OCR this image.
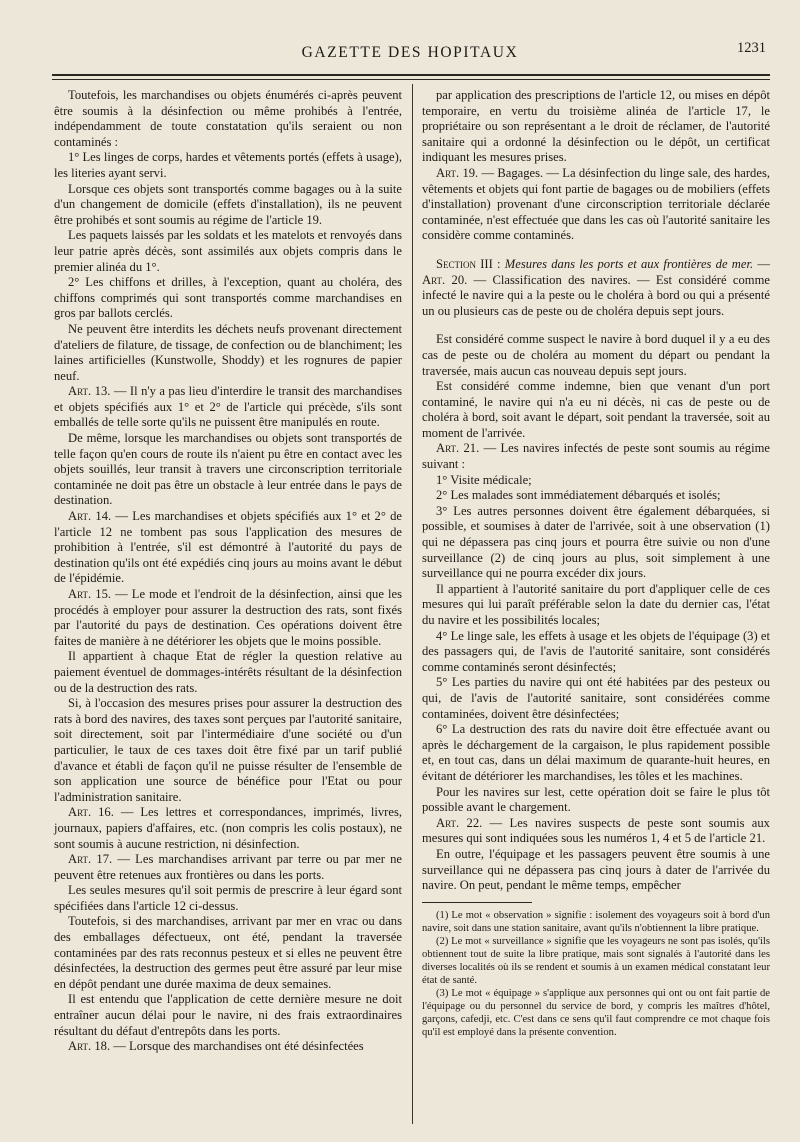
GAZETTE DES HOPITAUX	1231

Toutefois, les marchandises ou objets énumérés ci-après peuvent être soumis à la désinfection ou même prohibés à l'entrée, indépendamment de toute constatation qu'ils seraient ou non contaminés :

1° Les linges de corps, hardes et vêtements portés (effets à usage), les literies ayant servi.

Lorsque ces objets sont transportés comme bagages ou à la suite d'un changement de domicile (effets d'installation), ils ne peuvent être prohibés et sont soumis au régime de l'article 19.

Les paquets laissés par les soldats et les matelots et renvoyés dans leur patrie après décès, sont assimilés aux objets compris dans le premier alinéa du 1°.

2° Les chiffons et drilles, à l'exception, quant au choléra, des chiffons comprimés qui sont transportés comme marchandises en gros par ballots cerclés.

Ne peuvent être interdits les déchets neufs provenant directement d'ateliers de filature, de tissage, de confection ou de blanchiment; les laines artificielles (Kunstwolle, Shoddy) et les rognures de papier neuf.

Art. 13. — Il n'y a pas lieu d'interdire le transit des marchandises et objets spécifiés aux 1° et 2° de l'article qui précède, s'ils sont emballés de telle sorte qu'ils ne puissent être manipulés en route.

De même, lorsque les marchandises ou objets sont transportés de telle façon qu'en cours de route ils n'aient pu être en contact avec les objets souillés, leur transit à travers une circonscription territoriale contaminée ne doit pas être un obstacle à leur entrée dans le pays de destination.

Art. 14. — Les marchandises et objets spécifiés aux 1° et 2° de l'article 12 ne tombent pas sous l'application des mesures de prohibition à l'entrée, s'il est démontré à l'autorité du pays de destination qu'ils ont été expédiés cinq jours au moins avant le début de l'épidémie.

Art. 15. — Le mode et l'endroit de la désinfection, ainsi que les procédés à employer pour assurer la destruction des rats, sont fixés par l'autorité du pays de destination. Ces opérations doivent être faites de manière à ne détériorer les objets que le moins possible.

Il appartient à chaque Etat de régler la question relative au paiement éventuel de dommages-intérêts résultant de la désinfection ou de la destruction des rats.

Si, à l'occasion des mesures prises pour assurer la destruction des rats à bord des navires, des taxes sont perçues par l'autorité sanitaire, soit directement, soit par l'intermédiaire d'une société ou d'un particulier, le taux de ces taxes doit être fixé par un tarif publié d'avance et établi de façon qu'il ne puisse résulter de l'ensemble de son application une source de bénéfice pour l'Etat ou pour l'administration sanitaire.

Art. 16. — Les lettres et correspondances, imprimés, livres, journaux, papiers d'affaires, etc. (non compris les colis postaux), ne sont soumis à aucune restriction, ni désinfection.

Art. 17. — Les marchandises arrivant par terre ou par mer ne peuvent être retenues aux frontières ou dans les ports.

Les seules mesures qu'il soit permis de prescrire à leur égard sont spécifiées dans l'article 12 ci-dessus.

Toutefois, si des marchandises, arrivant par mer en vrac ou dans des emballages défectueux, ont été, pendant la traversée contaminées par des rats reconnus pesteux et si elles ne peuvent être désinfectées, la destruction des germes peut être assuré par leur mise en dépôt pendant une durée maxima de deux semaines.

Il est entendu que l'application de cette dernière mesure ne doit entraîner aucun délai pour le navire, ni des frais extraordinaires résultant du défaut d'entrepôts dans les ports.

Art. 18. — Lorsque des marchandises ont été désinfectées

par application des prescriptions de l'article 12, ou mises en dépôt temporaire, en vertu du troisième alinéa de l'article 17, le propriétaire ou son représentant a le droit de réclamer, de l'autorité sanitaire qui a ordonné la désinfection ou le dépôt, un certificat indiquant les mesures prises.

Art. 19. — Bagages. — La désinfection du linge sale, des hardes, vêtements et objets qui font partie de bagages ou de mobiliers (effets d'installation) provenant d'une circonscription territoriale déclarée contaminée, n'est effectuée que dans les cas où l'autorité sanitaire les considère comme contaminés.

Section III : Mesures dans les ports et aux frontières de mer. — Art. 20. — Classification des navires. — Est considéré comme infecté le navire qui a la peste ou le choléra à bord ou qui a présenté un ou plusieurs cas de peste ou de choléra depuis sept jours.

Est considéré comme suspect le navire à bord duquel il y a eu des cas de peste ou de choléra au moment du départ ou pendant la traversée, mais aucun cas nouveau depuis sept jours.

Est considéré comme indemne, bien que venant d'un port contaminé, le navire qui n'a eu ni décès, ni cas de peste ou de choléra à bord, soit avant le départ, soit pendant la traversée, soit au moment de l'arrivée.

Art. 21. — Les navires infectés de peste sont soumis au régime suivant :

1° Visite médicale;

2° Les malades sont immédiatement débarqués et isolés;

3° Les autres personnes doivent être également débarquées, si possible, et soumises à dater de l'arrivée, soit à une observation (1) qui ne dépassera pas cinq jours et pourra être suivie ou non d'une surveillance (2) de cinq jours au plus, soit simplement à une surveillance qui ne pourra excéder dix jours.

Il appartient à l'autorité sanitaire du port d'appliquer celle de ces mesures qui lui paraît préférable selon la date du dernier cas, l'état du navire et les possibilités locales;

4° Le linge sale, les effets à usage et les objets de l'équipage (3) et des passagers qui, de l'avis de l'autorité sanitaire, sont considérés comme contaminés seront désinfectés;

5° Les parties du navire qui ont été habitées par des pesteux ou qui, de l'avis de l'autorité sanitaire, sont considérées comme contaminées, doivent être désinfectées;

6° La destruction des rats du navire doit être effectuée avant ou après le déchargement de la cargaison, le plus rapidement possible et, en tout cas, dans un délai maximum de quarante-huit heures, en évitant de détériorer les marchandises, les tôles et les machines.

Pour les navires sur lest, cette opération doit se faire le plus tôt possible avant le chargement.

Art. 22. — Les navires suspects de peste sont soumis aux mesures qui sont indiquées sous les numéros 1, 4 et 5 de l'article 21.

En outre, l'équipage et les passagers peuvent être soumis à une surveillance qui ne dépassera pas cinq jours à dater de l'arrivée du navire. On peut, pendant le même temps, empêcher

(1) Le mot « observation » signifie : isolement des voyageurs soit à bord d'un navire, soit dans une station sanitaire, avant qu'ils n'obtiennent la libre pratique.

(2) Le mot « surveillance » signifie que les voyageurs ne sont pas isolés, qu'ils obtiennent tout de suite la libre pratique, mais sont signalés à l'autorité dans les diverses localités où ils se rendent et soumis à un examen médical constatant leur état de santé.

(3) Le mot « équipage » s'applique aux personnes qui ont ou ont fait partie de l'équipage ou du personnel du service de bord, y compris les maîtres d'hôtel, garçons, cafedji, etc. C'est dans ce sens qu'il faut comprendre ce mot chaque fois qu'il est employé dans la présente convention.
